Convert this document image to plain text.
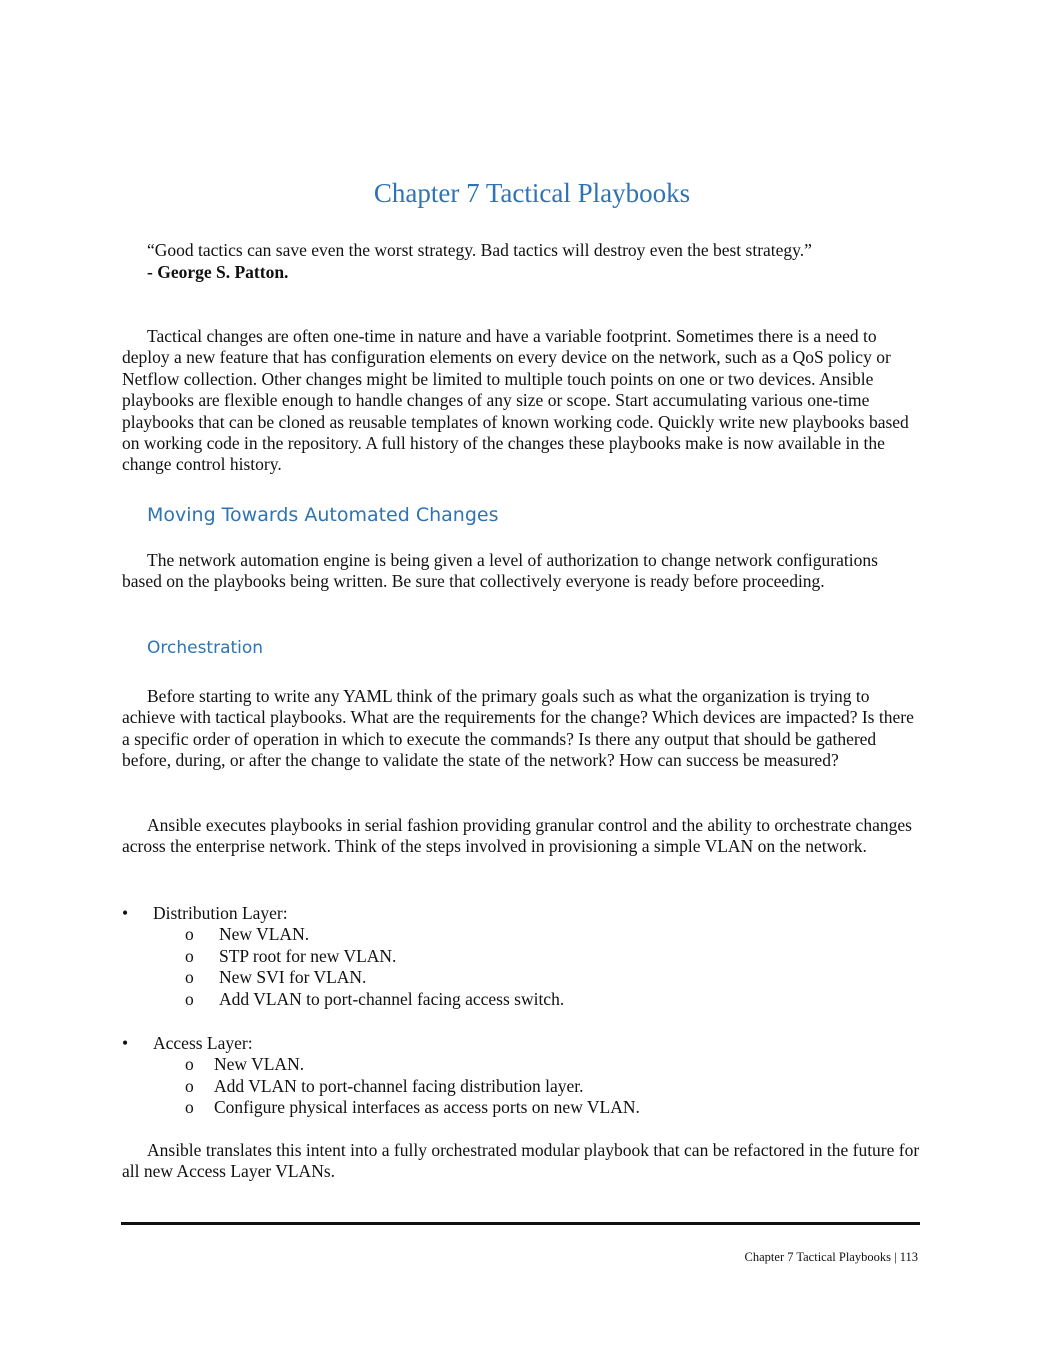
Chapter 7 Tactical Playbooks
“Good tactics can save even the worst strategy. Bad tactics will destroy even the best strategy.”
- George S. Patton.

Tactical changes are often one-time in nature and have a variable footprint. Sometimes there is a need to deploy a new feature that has configuration elements on every device on the network, such as a QoS policy or Netflow collection. Other changes might be limited to multiple touch points on one or two devices. Ansible playbooks are flexible enough to handle changes of any size or scope. Start accumulating various one-time playbooks that can be cloned as reusable templates of known working code. Quickly write new playbooks based on working code in the repository. A full history of the changes these playbooks make is now available in the change control history.

Moving Towards Automated Changes

The network automation engine is being given a level of authorization to change network configurations based on the playbooks being written. Be sure that collectively everyone is ready before proceeding.

Orchestration

Before starting to write any YAML think of the primary goals such as what the organization is trying to achieve with tactical playbooks. What are the requirements for the change? Which devices are impacted? Is there a specific order of operation in which to execute the commands? Is there any output that should be gathered before, during, or after the change to validate the state of the network? How can success be measured?

Ansible executes playbooks in serial fashion providing granular control and the ability to orchestrate changes across the enterprise network. Think of the steps involved in provisioning a simple VLAN on the network.

• Distribution Layer:
o New VLAN.
o STP root for new VLAN.
o New SVI for VLAN.
o Add VLAN to port-channel facing access switch.
• Access Layer:
o New VLAN.
o Add VLAN to port-channel facing distribution layer.
o Configure physical interfaces as access ports on new VLAN.

Ansible translates this intent into a fully orchestrated modular playbook that can be refactored in the future for all new Access Layer VLANs.

Chapter 7 Tactical Playbooks | 113
